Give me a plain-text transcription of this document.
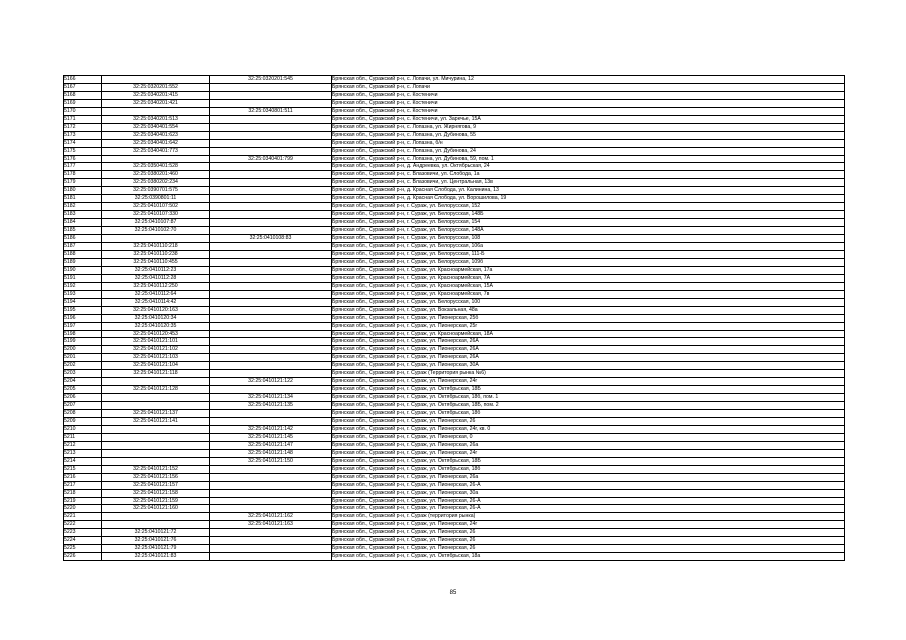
5166		32:25:0320201:545	Брянская обл., Суражский р-н, с. Лопачи, ул. Мичурина, 12
5167	32:25:0320201:552		Брянская обл., Суражский р-н, с. Лопачи
5168	32:25:0340201:415		Брянская обл., Суражский р-н, с. Костеничи
5169	32:25:0340201:421		Брянская обл., Суражский р-н, с. Костеничи
5170		32:25:0340801:511	Брянская обл., Суражский р-н, с. Костеничи
5171	32:25:0340201:513		Брянская обл., Суражский р-н, с. Костеничи, ул. Заречье, 15А
5172	32:25:0340401:554		Брянская обл., Суражский р-н, с. Лопазна, ул. Жирнягова, 9
5173	32:25:0340401:623		Брянская обл., Суражский р-н, с. Лопазна, ул. Дубинова, 55
5174	32:25:0340401:642		Брянская обл., Суражский р-н, с. Лопазна, б/н
5175	32:25:0340401:773		Брянская обл., Суражский р-н, с. Лопазна, ул. Дубинова, 24
5176		32:25:0340401:799	Брянская обл., Суражский р-н, с. Лопазна, ул. Дубинова, 59, пом. 1
5177	32:25:0350401:528		Брянская обл., Суражский р-н, д. Андреевка, ул. Октябрьская, 24
5178	32:25:0380201:460		Брянская обл., Суражский р-н, с. Влазовичи, ул. Слобода, 1а
5179	32:25:0380202:234		Брянская обл., Суражский р-н, с. Влазовичи, ул. Центральная, 13в
5180	32:25:0390701:575		Брянская обл., Суражский р-н, д. Красная Слобода, ул. Калинина, 13
5181	32:25:0390801:11		Брянская обл., Суражский р-н, д. Красная Слобода, ул. Ворошилова, 19
5182	32:25:0410107:502		Брянская обл., Суражский р-н, г. Сураж, ул. Белорусская, 152
5183	32:25:0410107:330		Брянская обл., Суражский р-н, г. Сураж, ул. Белорусская, 148Б
5184	32:25:0410107:87		Брянская обл., Суражский р-н, г. Сураж, ул. Белорусская, 154
5185	32:25:0410102:70		Брянская обл., Суражский р-н, г. Сураж, ул. Белорусская, 148А
5186		32:25:0410108:83	Брянская обл., Суражский р-н, г. Сураж, ул. Белорусская, 108
5187	32:25:0410110:218		Брянская обл., Суражский р-н, г. Сураж, ул. Белорусская, 106а
5188	32:25:0410110:238		Брянская обл., Суражский р-н, г. Сураж, ул. Белорусская, 111-Б
5189	32:25:0410110:455		Брянская обл., Суражский р-н, г. Сураж, ул. Белорусская, 109б
5190	32:25:0410112:23		Брянская обл., Суражский р-н, г. Сураж, ул. Красноармейская, 17а
5191	32:25:0410112:28		Брянская обл., Суражский р-н, г. Сураж, ул. Красноармейская, 7А
5192	32:25:0410112:250		Брянская обл., Суражский р-н, г. Сураж, ул. Красноармейская, 15А
5193	32:25:0410112:64		Брянская обл., Суражский р-н, г. Сураж, ул. Красноармейская, 7в
5194	32:25:0410114:42		Брянская обл., Суражский р-н, г. Сураж, ул. Белорусская, 100
5195	32:25:0410120:163		Брянская обл., Суражский р-н, г. Сураж, ул. Вокзальная, 48а
5196	32:25:0410120:34		Брянская обл., Суражский р-н, г. Сураж, ул. Пионерская, 25б
5197	32:25:0410120:35		Брянская обл., Суражский р-н, г. Сураж, ул. Пионерская, 25г
5198	32:25:0410120:453		Брянская обл., Суражский р-н, г. Сураж, ул. Красноармейская, 18А
5199	32:25:0410121:101		Брянская обл., Суражский р-н, г. Сураж, ул. Пионерская, 26А
5200	32:25:0410121:102		Брянская обл., Суражский р-н, г. Сураж, ул. Пионерская, 26А
5201	32:25:0410121:103		Брянская обл., Суражский р-н, г. Сураж, ул. Пионерская, 26А
5202	32:25:0410121:104		Брянская обл., Суражский р-н, г. Сураж, ул. Пионерская, 30А
5203	32:25:0410121:118		Брянская обл., Суражский р-н, г. Сураж (Территория рынка №6)
5204		32:25:0410121:122	Брянская обл., Суражский р-н, г. Сураж, ул. Пионерская, 24г
5205	32:25:0410121:128		Брянская обл., Суражский р-н, г. Сураж, ул. Октябрьская, 18Б
5206		32:25:0410121:134	Брянская обл., Суражский р-н, г. Сураж, ул. Октябрьская, 18б, пом. 1
5207		32:25:0410121:135	Брянская обл., Суражский р-н, г. Сураж, ул. Октябрьская, 18Б, пом. 2
5208	32:25:0410121:137		Брянская обл., Суражский р-н, г. Сураж, ул. Октябрьская, 18б
5209	32:25:0410121:141		Брянская обл., Суражский р-н, г. Сураж, ул. Пионерская, 26
5210		32:25:0410121:142	Брянская обл., Суражский р-н, г. Сураж, ул. Пионерская, 24г, кв. 0
5211		32:25:0410121:145	Брянская обл., Суражский р-н, г. Сураж, ул. Пионерская, 0
5212		32:25:0410121:147	Брянская обл., Суражский р-н, г. Сураж, ул. Пионерская, 26а
5213		32:25:0410121:148	Брянская обл., Суражский р-н, г. Сураж, ул. Пионерская, 24г
5214		32:25:0410121:150	Брянская обл., Суражский р-н, г. Сураж, ул. Октябрьская, 18Б
5215	32:25:0410121:152		Брянская обл., Суражский р-н, г. Сураж, ул. Октябрьская, 18б
5216	32:25:0410121:156		Брянская обл., Суражский р-н, г. Сураж, ул. Пионерская, 26а
5217	32:25:0410121:157		Брянская обл., Суражский р-н, г. Сураж, ул. Пионерская, 26-А
5218	32:25:0410121:158		Брянская обл., Суражский р-н, г. Сураж, ул. Пионерская, 30а
5219	32:25:0410121:159		Брянская обл., Суражский р-н, г. Сураж, ул. Пионерская, 26-А
5220	32:25:0410121:160		Брянская обл., Суражский р-н, г. Сураж, ул. Пионерская, 26-А
5221		32:25:0410121:162	Брянская обл., Суражский р-н, г. Сураж (территория рынка)
5222		32:25:0410121:163	Брянская обл., Суражский р-н, г. Сураж, ул. Пионерская, 24г
5223	32:25:0410121:72		Брянская обл., Суражский р-н, г. Сураж, ул. Пионерская, 26
5224	32:25:0410121:76		Брянская обл., Суражский р-н, г. Сураж, ул. Пионерская, 26
5225	32:25:0410121:79		Брянская обл., Суражский р-н, г. Сураж, ул. Пионерская, 26
5226	32:25:0410121:83		Брянская обл., Суражский р-н, г. Сураж, ул. Октябрьская, 18а
85
